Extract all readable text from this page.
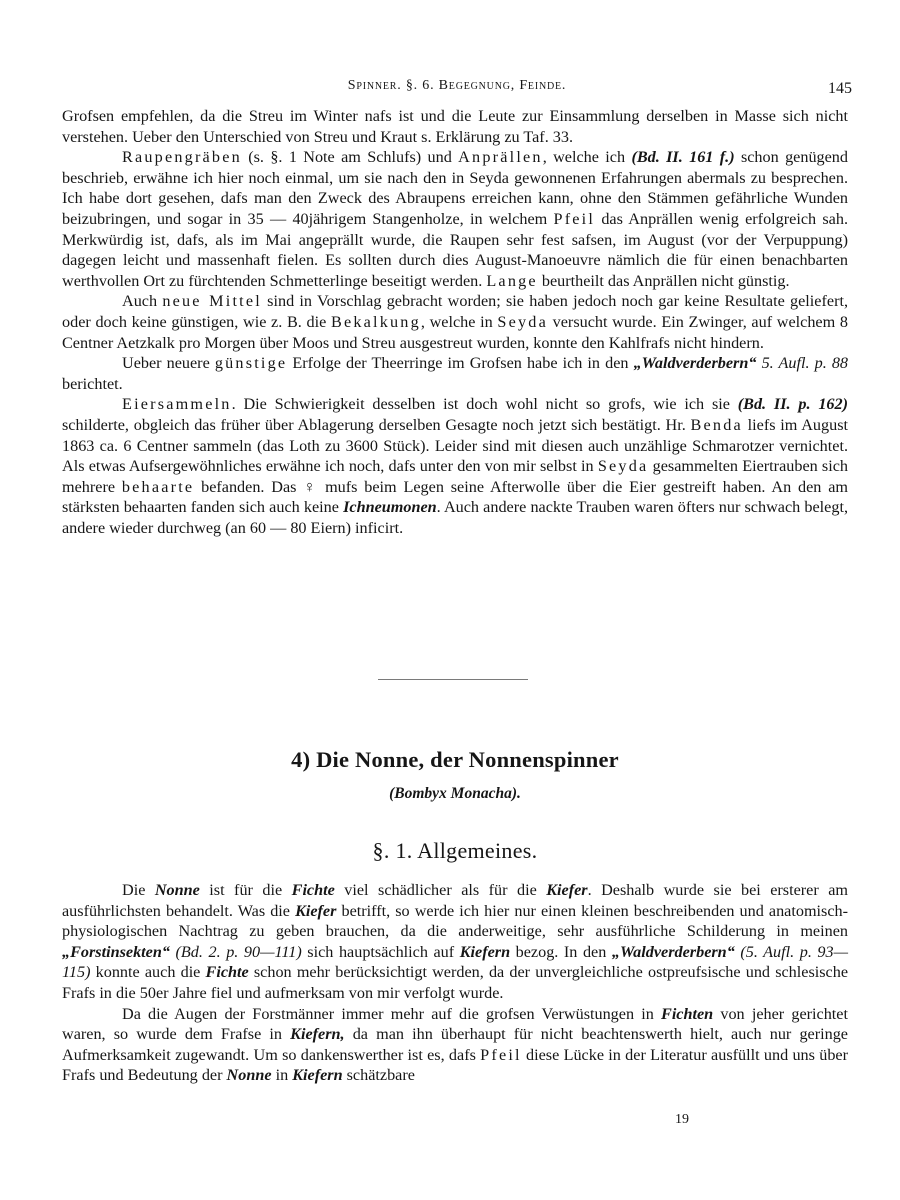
Spinner. §. 6. Begegnung, Feinde.	145

Grofsen empfehlen, da die Streu im Winter nafs ist und die Leute zur Einsammlung derselben in Masse sich nicht verstehen. Ueber den Unterschied von Streu und Kraut s. Erklärung zu Taf. 33.

Raupengräben (s. §. 1 Note am Schlufs) und Anprällen, welche ich (Bd. II. 161 f.) schon genügend beschrieb, erwähne ich hier noch einmal, um sie nach den in Seyda gewonnenen Erfahrungen abermals zu besprechen. Ich habe dort gesehen, dafs man den Zweck des Abraupens erreichen kann, ohne den Stämmen gefährliche Wunden beizubringen, und sogar in 35 — 40jährigem Stangenholze, in welchem Pfeil das Anprällen wenig erfolgreich sah. Merkwürdig ist, dafs, als im Mai angeprällt wurde, die Raupen sehr fest safsen, im August (vor der Verpuppung) dagegen leicht und massenhaft fielen. Es sollten durch dies August-Manoeuvre nämlich die für einen benachbarten werthvollen Ort zu fürchtenden Schmetterlinge beseitigt werden. Lange beurtheilt das Anprällen nicht günstig.

Auch neue Mittel sind in Vorschlag gebracht worden; sie haben jedoch noch gar keine Resultate geliefert, oder doch keine günstigen, wie z. B. die Bekalkung, welche in Seyda versucht wurde. Ein Zwinger, auf welchem 8 Centner Aetzkalk pro Morgen über Moos und Streu ausgestreut wurden, konnte den Kahlfrafs nicht hindern.

Ueber neuere günstige Erfolge der Theerringe im Grofsen habe ich in den „Waldverderbern“ 5. Aufl. p. 88 berichtet.

Eiersammeln. Die Schwierigkeit desselben ist doch wohl nicht so grofs, wie ich sie (Bd. II. p. 162) schilderte, obgleich das früher über Ablagerung derselben Gesagte noch jetzt sich bestätigt. Hr. Benda liefs im August 1863 ca. 6 Centner sammeln (das Loth zu 3600 Stück). Leider sind mit diesen auch unzählige Schmarotzer vernichtet. Als etwas Aufsergewöhnliches erwähne ich noch, dafs unter den von mir selbst in Seyda gesammelten Eiertrauben sich mehrere behaarte befanden. Das ♀ mufs beim Legen seine Afterwolle über die Eier gestreift haben. An den am stärksten behaarten fanden sich auch keine Ichneumonen. Auch andere nackte Trauben waren öfters nur schwach belegt, andere wieder durchweg (an 60 — 80 Eiern) inficirt.

4) Die Nonne, der Nonnenspinner
(Bombyx Monacha).
§. 1. Allgemeines.

Die Nonne ist für die Fichte viel schädlicher als für die Kiefer. Deshalb wurde sie bei ersterer am ausführlichsten behandelt. Was die Kiefer betrifft, so werde ich hier nur einen kleinen beschreibenden und anatomisch-physiologischen Nachtrag zu geben brauchen, da die anderweitige, sehr ausführliche Schilderung in meinen „Forstinsekten“ (Bd. 2. p. 90—111) sich hauptsächlich auf Kiefern bezog. In den „Waldverderbern“ (5. Aufl. p. 93—115) konnte auch die Fichte schon mehr berücksichtigt werden, da der unvergleichliche ostpreufsische und schlesische Frafs in die 50er Jahre fiel und aufmerksam von mir verfolgt wurde.

Da die Augen der Forstmänner immer mehr auf die grofsen Verwüstungen in Fichten von jeher gerichtet waren, so wurde dem Frafse in Kiefern, da man ihn überhaupt für nicht beachtenswerth hielt, auch nur geringe Aufmerksamkeit zugewandt. Um so dankenswerther ist es, dafs Pfeil diese Lücke in der Literatur ausfüllt und uns über Frafs und Bedeutung der Nonne in Kiefern schätzbare

19
